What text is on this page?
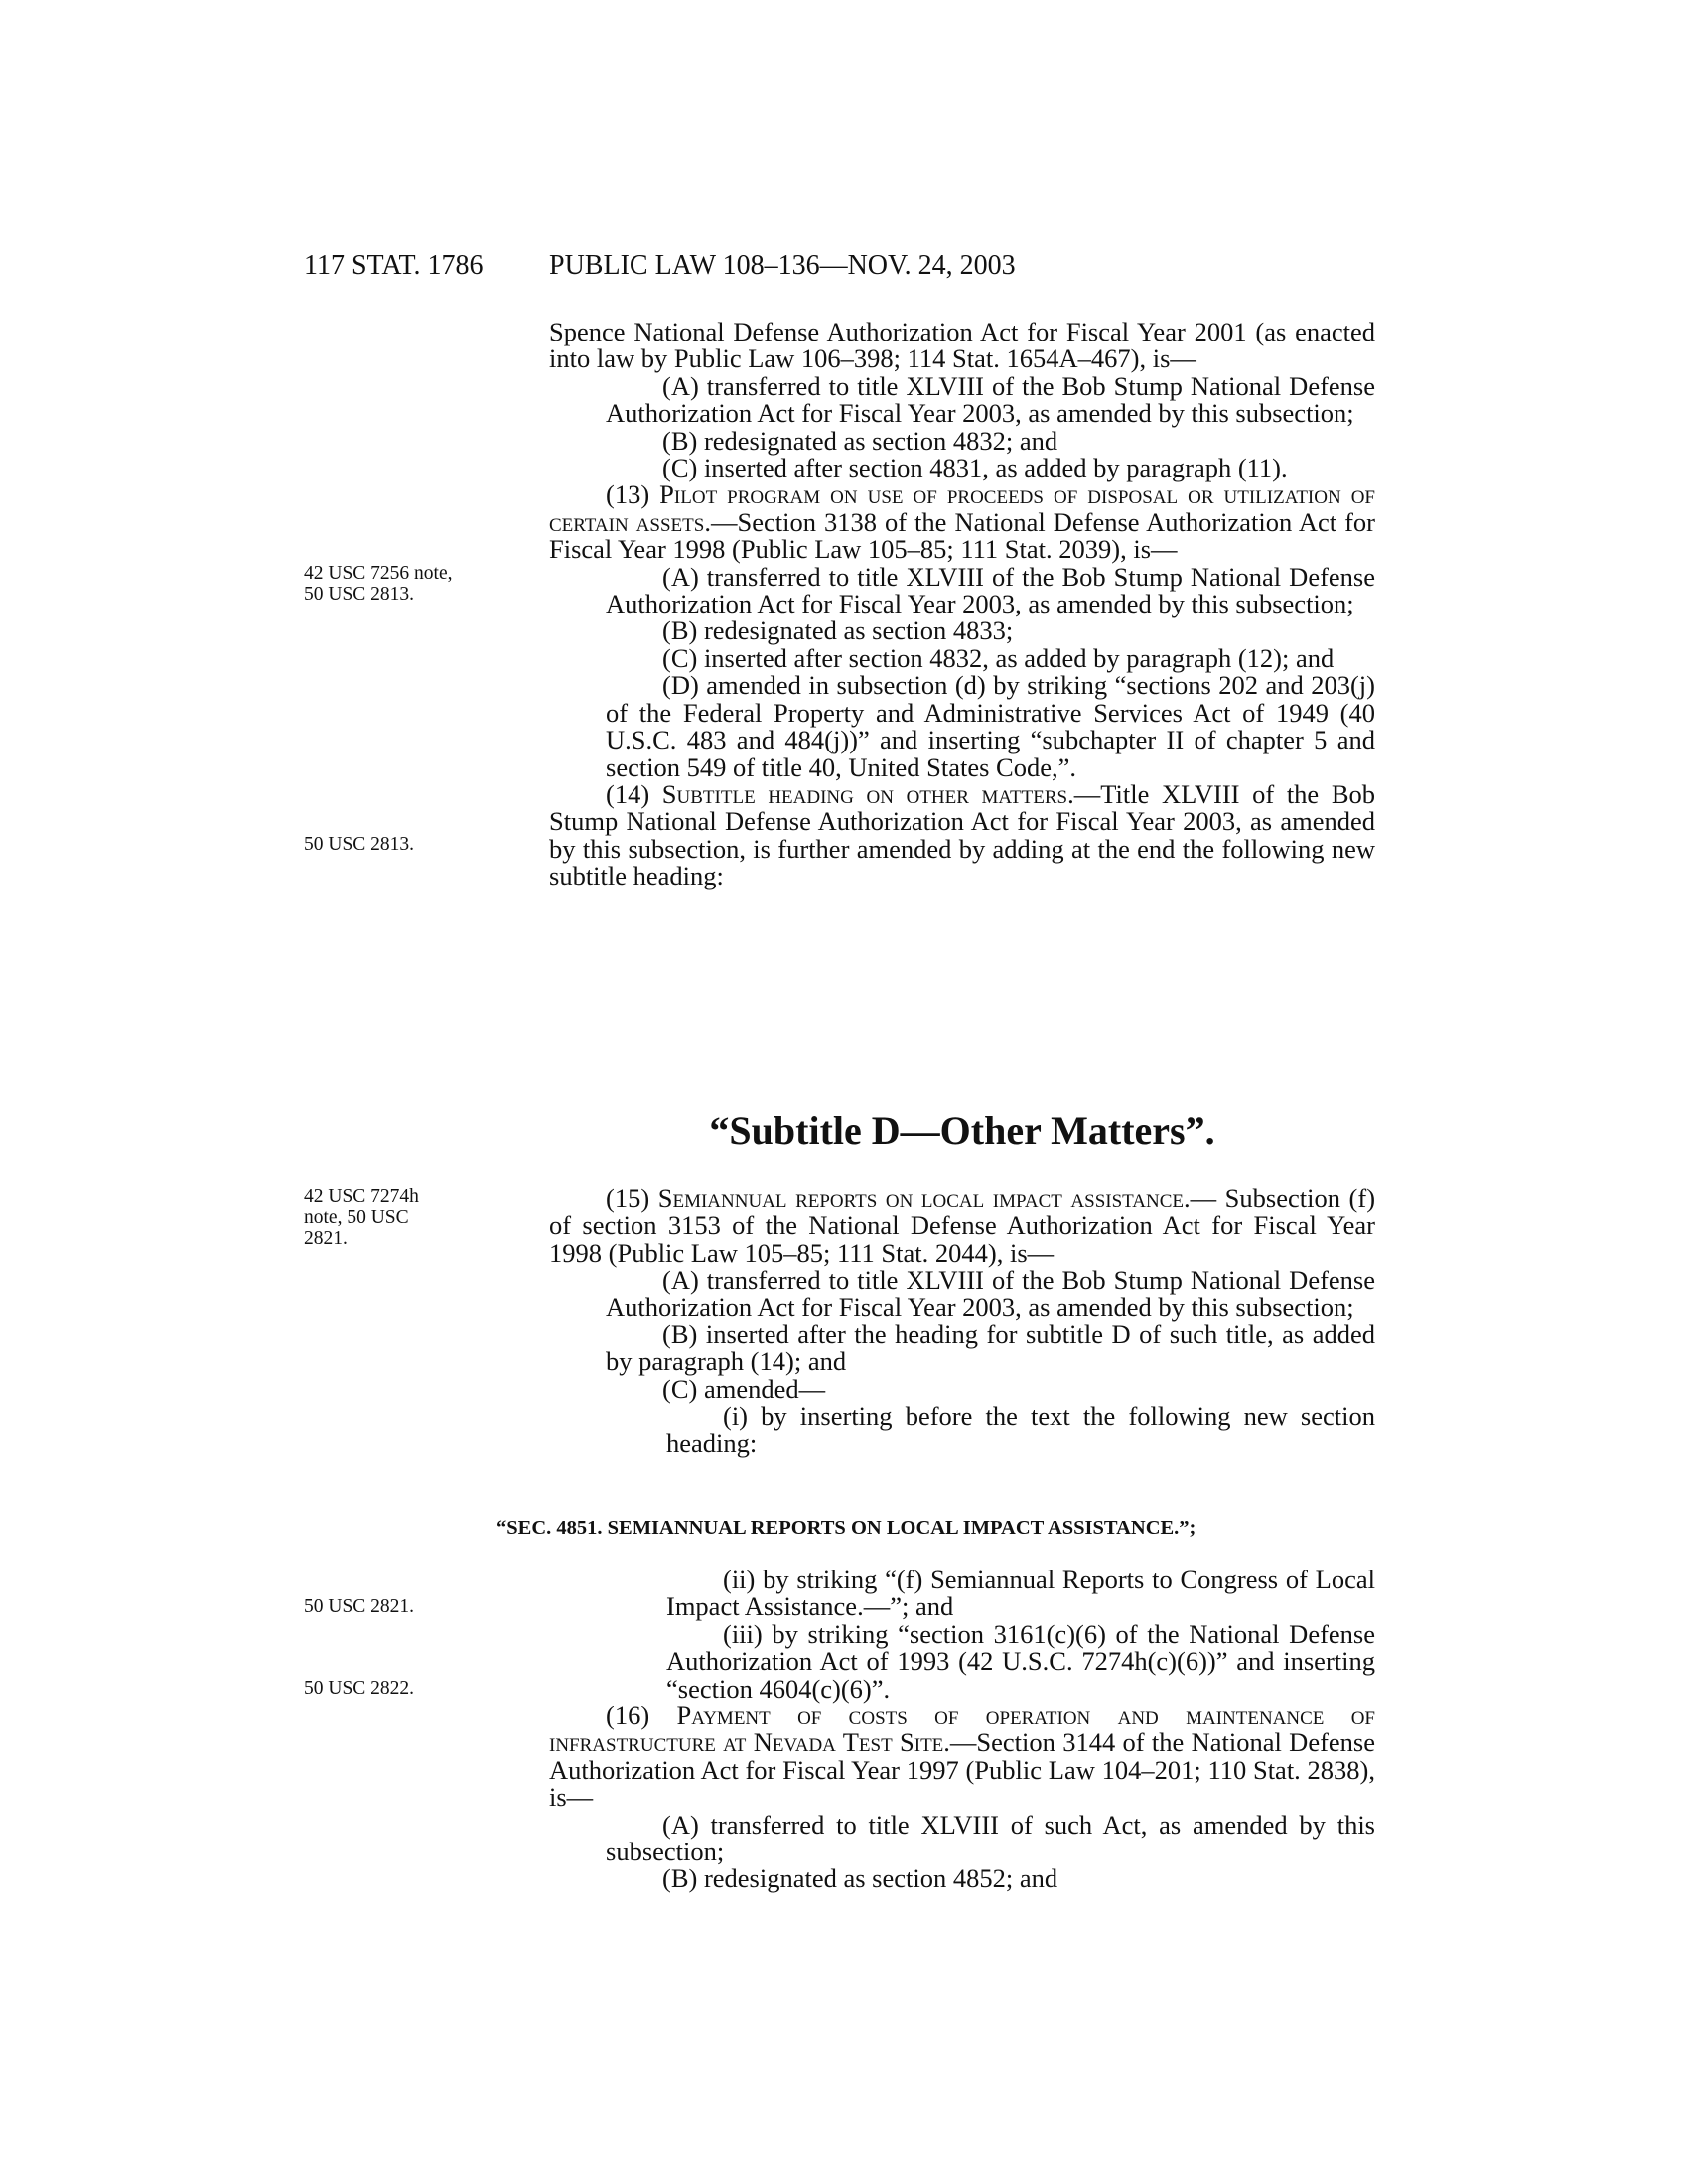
117 STAT. 1786 PUBLIC LAW 108–136—NOV. 24, 2003
42 USC 7256 note, 50 USC 2813.
50 USC 2813.
42 USC 7274h note, 50 USC 2821.
50 USC 2821.
50 USC 2822.

Spence National Defense Authorization Act for Fiscal Year 2001 (as enacted into law by Public Law 106–398; 114 Stat. 1654A–467), is—

(A) transferred to title XLVIII of the Bob Stump National Defense Authorization Act for Fiscal Year 2003, as amended by this subsection;

(B) redesignated as section 4832; and

(C) inserted after section 4831, as added by paragraph (11).

(13) Pilot program on use of proceeds of disposal or utilization of certain assets.—Section 3138 of the National Defense Authorization Act for Fiscal Year 1998 (Public Law 105–85; 111 Stat. 2039), is—

(A) transferred to title XLVIII of the Bob Stump National Defense Authorization Act for Fiscal Year 2003, as amended by this subsection;

(B) redesignated as section 4833;

(C) inserted after section 4832, as added by paragraph (12); and

(D) amended in subsection (d) by striking “sections 202 and 203(j) of the Federal Property and Administrative Services Act of 1949 (40 U.S.C. 483 and 484(j))” and inserting “subchapter II of chapter 5 and section 549 of title 40, United States Code,”.

(14) Subtitle heading on other matters.—Title XLVIII of the Bob Stump National Defense Authorization Act for Fiscal Year 2003, as amended by this subsection, is further amended by adding at the end the following new subtitle heading:

“Subtitle D—Other Matters”.

(15) Semiannual reports on local impact assistance.— Subsection (f) of section 3153 of the National Defense Authorization Act for Fiscal Year 1998 (Public Law 105–85; 111 Stat. 2044), is—

(A) transferred to title XLVIII of the Bob Stump National Defense Authorization Act for Fiscal Year 2003, as amended by this subsection;

(B) inserted after the heading for subtitle D of such title, as added by paragraph (14); and

(C) amended—

(i) by inserting before the text the following new section heading:

“SEC. 4851. SEMIANNUAL REPORTS ON LOCAL IMPACT ASSISTANCE.”;

(ii) by striking “(f) Semiannual Reports to Congress of Local Impact Assistance.—”; and

(iii) by striking “section 3161(c)(6) of the National Defense Authorization Act of 1993 (42 U.S.C. 7274h(c)(6))” and inserting “section 4604(c)(6)”.

(16) Payment of costs of operation and maintenance of infrastructure at Nevada Test Site.—Section 3144 of the National Defense Authorization Act for Fiscal Year 1997 (Public Law 104–201; 110 Stat. 2838), is—

(A) transferred to title XLVIII of such Act, as amended by this subsection;

(B) redesignated as section 4852; and
